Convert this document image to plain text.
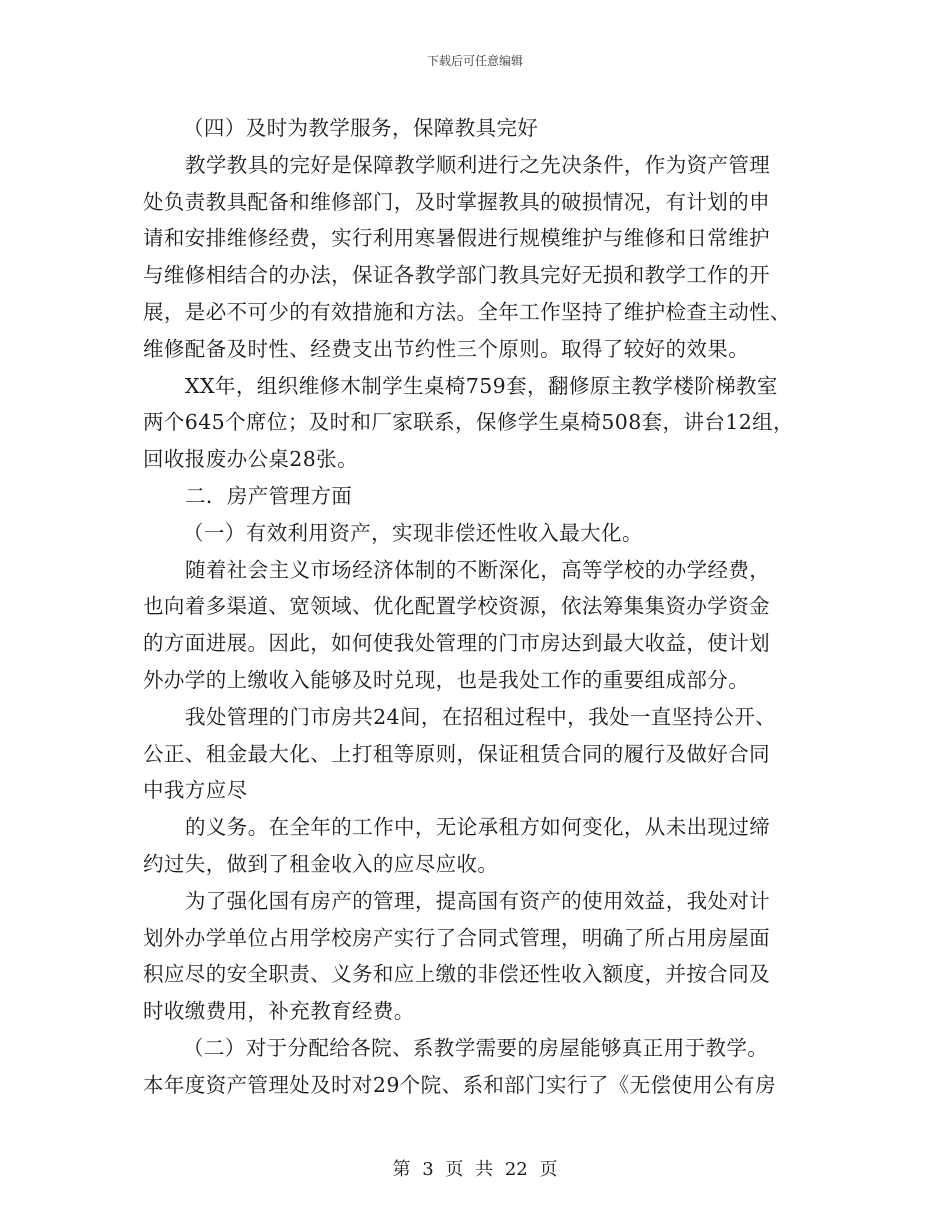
下载后可任意编辑
（四）及时为教学服务，保障教具完好
教学教具的完好是保障教学顺利进行之先决条件，作为资产管理
处负责教具配备和维修部门，及时掌握教具的破损情况，有计划的申
请和安排维修经费，实行利用寒暑假进行规模维护与维修和日常维护
与维修相结合的办法，保证各教学部门教具完好无损和教学工作的开
展，是必不可少的有效措施和方法。全年工作坚持了维护检查主动性、
维修配备及时性、经费支出节约性三个原则。取得了较好的效果。
XX年，组织维修木制学生桌椅759套，翻修原主教学楼阶梯教室
两个645个席位；及时和厂家联系，保修学生桌椅508套，讲台12组，
回收报废办公桌28张。
二．房产管理方面
（一）有效利用资产，实现非偿还性收入最大化。
随着社会主义市场经济体制的不断深化，高等学校的办学经费，
也向着多渠道、宽领域、优化配置学校资源，依法筹集集资办学资金
的方面进展。因此，如何使我处管理的门市房达到最大收益，使计划
外办学的上缴收入能够及时兑现，也是我处工作的重要组成部分。
我处管理的门市房共24间，在招租过程中，我处一直坚持公开、
公正、租金最大化、上打租等原则，保证租赁合同的履行及做好合同
中我方应尽
的义务。在全年的工作中，无论承租方如何变化，从未出现过缔
约过失，做到了租金收入的应尽应收。
为了强化国有房产的管理，提高国有资产的使用效益，我处对计
划外办学单位占用学校房产实行了合同式管理，明确了所占用房屋面
积应尽的安全职责、义务和应上缴的非偿还性收入额度，并按合同及
时收缴费用，补充教育经费。
（二）对于分配给各院、系教学需要的房屋能够真正用于教学。
本年度资产管理处及时对29个院、系和部门实行了《无偿使用公有房
第 3 页 共 22 页
